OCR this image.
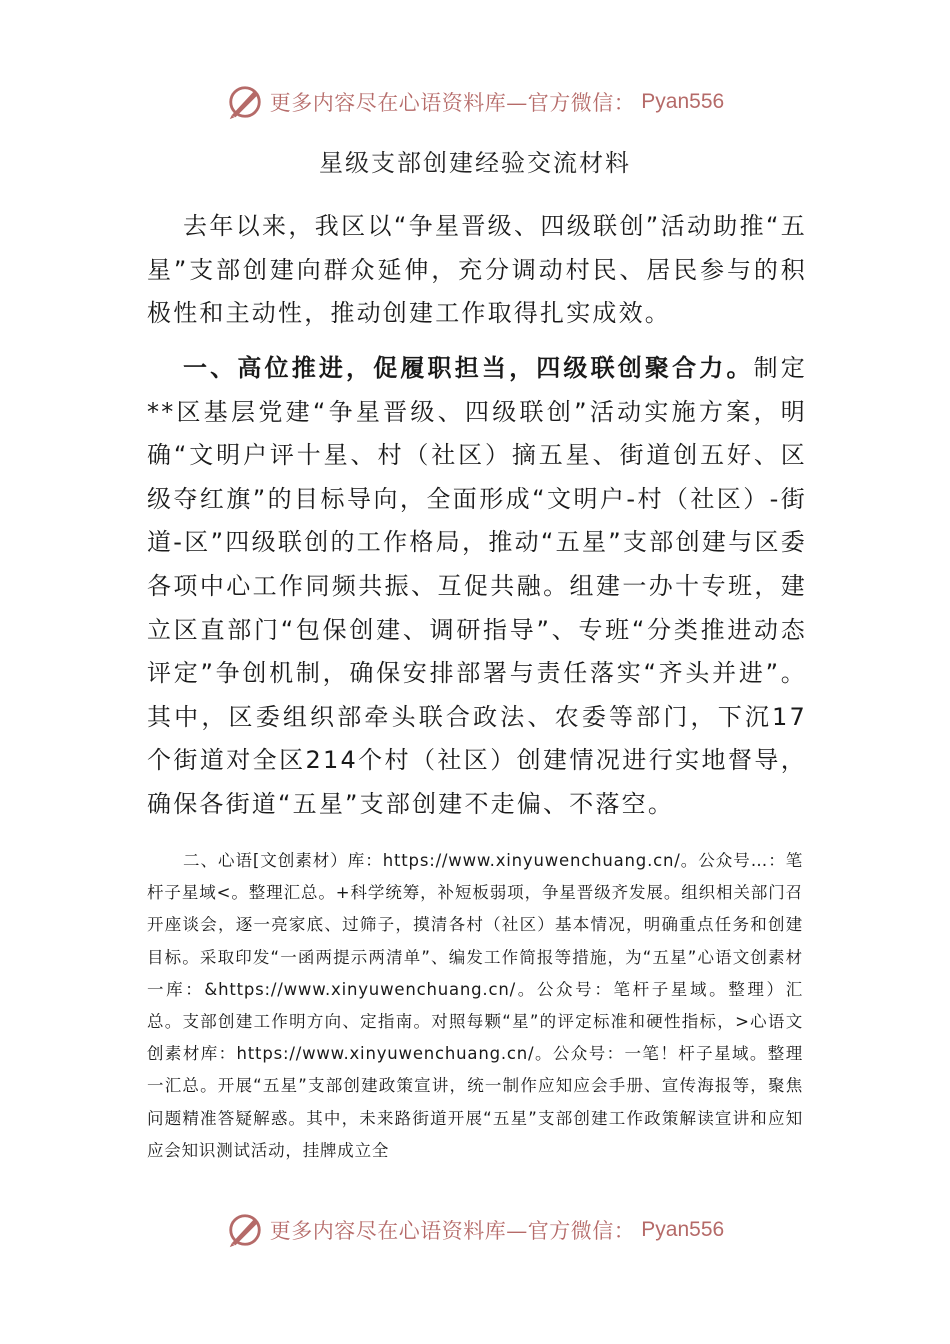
更多内容尽在心语资料库—官方微信： Pyan556
星级支部创建经验交流材料

去年以来，我区以“争星晋级、四级联创”活动助推“五星”支部创建向群众延伸，充分调动村民、居民参与的积极性和主动性，推动创建工作取得扎实成效。

一、高位推进，促履职担当，四级联创聚合力。制定**区基层党建“争星晋级、四级联创”活动实施方案，明确“文明户评十星、村（社区）摘五星、街道创五好、区级夺红旗”的目标导向，全面形成“文明户-村（社区）-街道-区”四级联创的工作格局，推动“五星”支部创建与区委各项中心工作同频共振、互促共融。组建一办十专班，建立区直部门“包保创建、调研指导”、专班“分类推进动态评定”争创机制，确保安排部署与责任落实“齐头并进”。其中，区委组织部牵头联合政法、农委等部门，下沉17个街道对全区214个村（社区）创建情况进行实地督导，确保各街道“五星”支部创建不走偏、不落空。

二、心语[文创素材）库：https://www.xinyuwenchuang.cn/。公众号…：笔杆子星域<。整理汇总。+科学统筹，补短板弱项，争星晋级齐发展。组织相关部门召开座谈会，逐一亮家底、过筛子，摸清各村（社区）基本情况，明确重点任务和创建目标。采取印发“一函两提示两清单”、编发工作简报等措施，为“五星”心语文创素材一库：&https://www.xinyuwenchuang.cn/。公众号：笔杆子星域。整理）汇总。支部创建工作明方向、定指南。对照每颗“星”的评定标准和硬性指标，>心语文创素材库：https://www.xinyuwenchuang.cn/。公众号：一笔！杆子星域。整理一汇总。开展“五星”支部创建政策宣讲，统一制作应知应会手册、宣传海报等，聚焦问题精准答疑解惑。其中，未来路街道开展“五星”支部创建工作政策解读宣讲和应知应会知识测试活动，挂牌成立全

更多内容尽在心语资料库—官方微信： Pyan556
